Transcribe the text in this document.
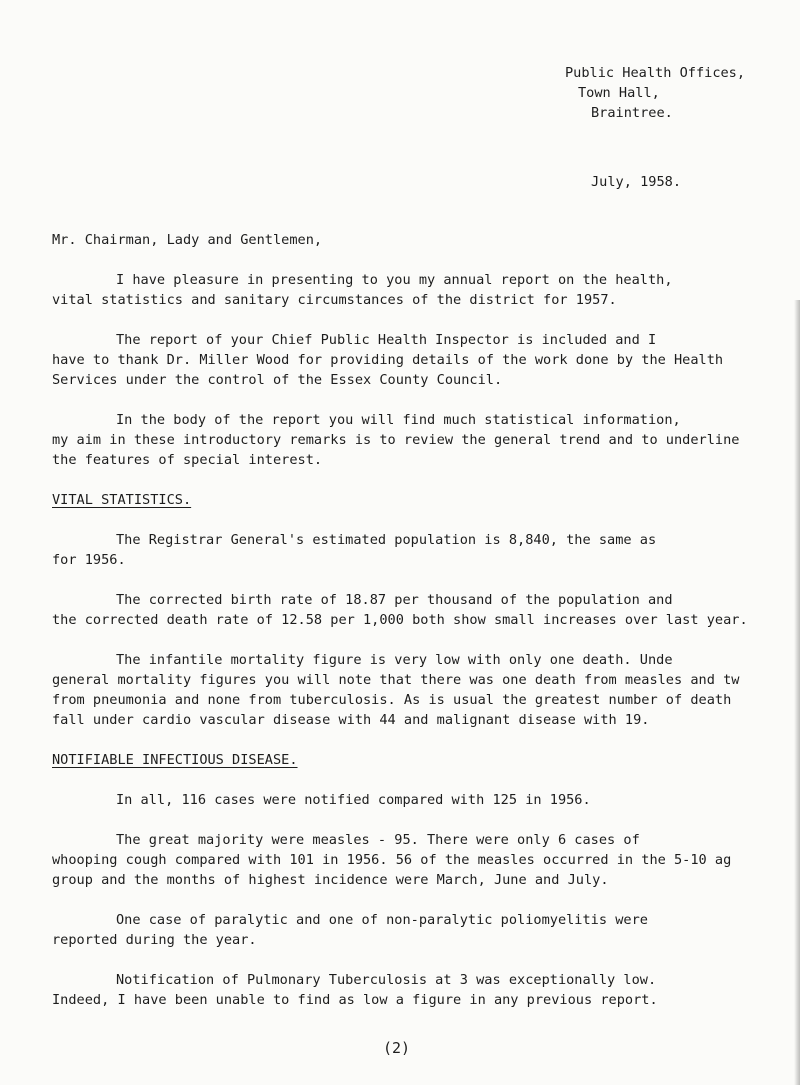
Public Health Offices,
Town Hall,
Braintree.
July, 1958.
Mr. Chairman, Lady and Gentlemen,
I have pleasure in presenting to you my annual report on the health,
vital statistics and sanitary circumstances of the district for 1957.
The report of your Chief Public Health Inspector is included and I
have to thank Dr. Miller Wood for providing details of the work done by the Health
Services under the control of the Essex County Council.
In the body of the report you will find much statistical information,
my aim in these introductory remarks is to review the general trend and to underline
the features of special interest.
VITAL STATISTICS.
The Registrar General's estimated population is 8,840, the same as
for 1956.
The corrected birth rate of 18.87 per thousand of the population and
the corrected death rate of 12.58 per 1,000 both show small increases over last year.
The infantile mortality figure is very low with only one death. Unde
general mortality figures you will note that there was one death from measles and tw
from pneumonia and none from tuberculosis. As is usual the greatest number of death
fall under cardio vascular disease with 44 and malignant disease with 19.
NOTIFIABLE INFECTIOUS DISEASE.
In all, 116 cases were notified compared with 125 in 1956.
The great majority were measles - 95. There were only 6 cases of
whooping cough compared with 101 in 1956. 56 of the measles occurred in the 5-10 ag
group and the months of highest incidence were March, June and July.
One case of paralytic and one of non-paralytic poliomyelitis were
reported during the year.
Notification of Pulmonary Tuberculosis at 3 was exceptionally low.
Indeed, I have been unable to find as low a figure in any previous report.
(2)
